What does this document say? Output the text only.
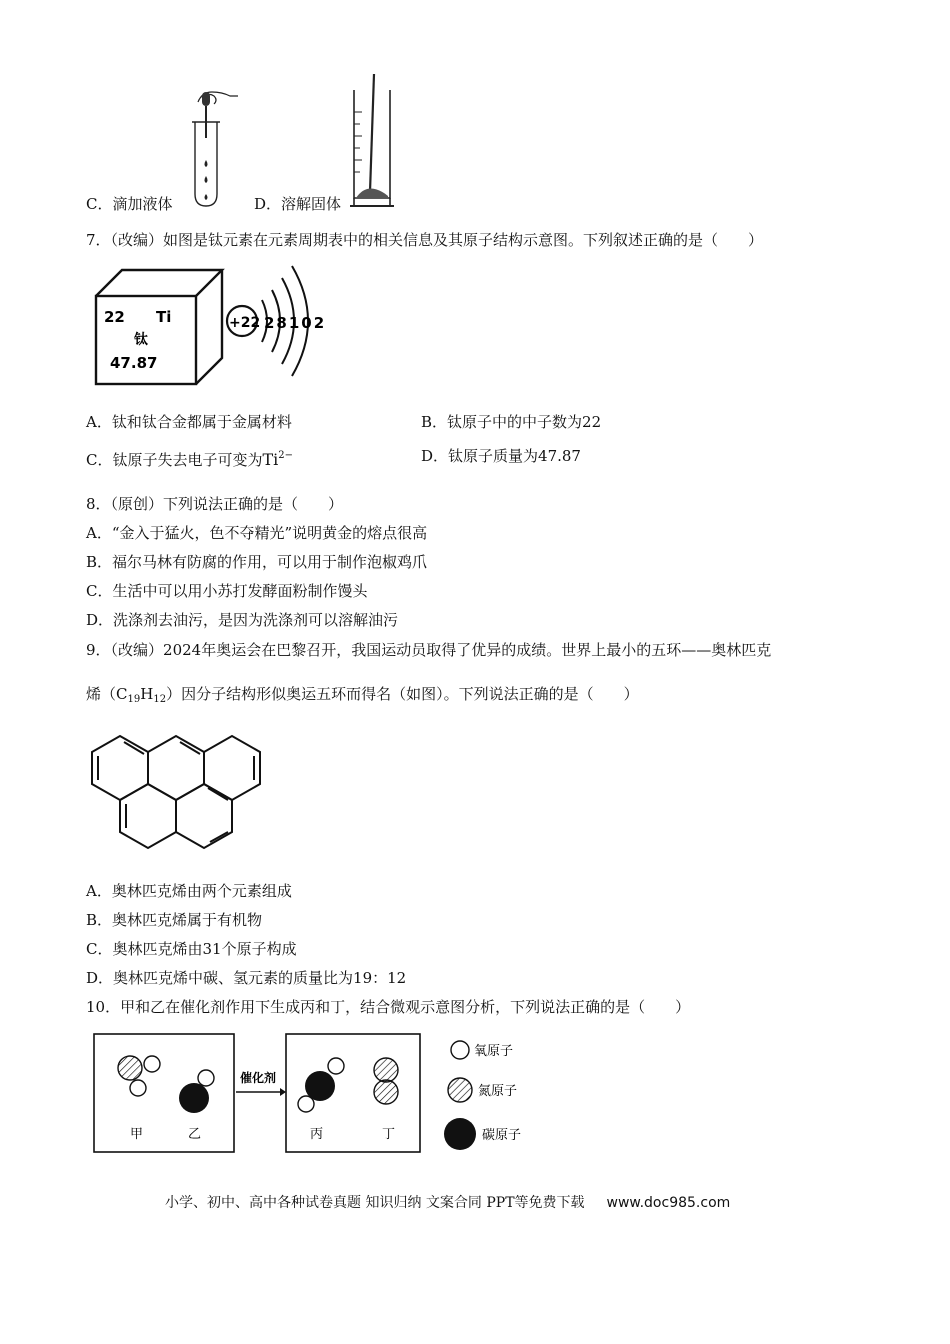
C．滴加液体	D．溶解固体
7．（改编）如图是钛元素在元素周期表中的相关信息及其原子结构示意图。下列叙述正确的是（　　）
22 Ti
钛
47.87
+22 28102
A．钛和钛合金都属于金属材料	B．钛原子中的中子数为22
C．钛原子失去电子可变为$Ti^{2-}$	D．钛原子质量为47.87
8．（原创）下列说法正确的是（　　）
A．“金入于猛火，色不夺精光”说明黄金的熔点很高
B．福尔马林有防腐的作用，可以用于制作泡椒鸡爪
C．生活中可以用小苏打发酵面粉制作馒头
D．洗涤剂去油污，是因为洗涤剂可以溶解油污
9．（改编）2024年奥运会在巴黎召开，我国运动员取得了优异的成绩。世界上最小的五环——奥林匹克
烯$(C_{19}H_{12})$因分子结构形似奥运五环而得名（如图）。下列说法正确的是（　　）
A．奥林匹克烯由两个元素组成
B．奥林匹克烯属于有机物
C．奥林匹克烯由31个原子构成
D．奥林匹克烯中碳、氢元素的质量比为19：12
10．甲和乙在催化剂作用下生成丙和丁，结合微观示意图分析，下列说法正确的是（　　）
甲	乙
催化剂
丙	丁
氧原子
氮原子
碳原子
小学、初中、高中各种试卷真题 知识归纳 文案合同 PPT等免费下载 www.doc985.com
